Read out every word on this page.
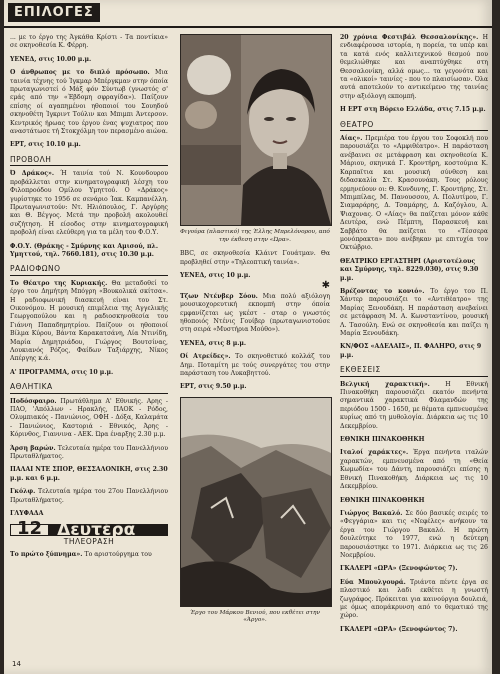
ΕΠΙΛΟΓΕΣ

... με το έργο της Άγκάθα Κρίστι - Τα ποντίκια» σε σκηνοθεσία Κ. Φέρρη.

ΥΕΝΕΔ, στις 10.00 μ.μ.

Ο άνθρωπος με το διπλό πρόσωπο. Μια ταινία τέχνης τού Ίγκμαρ Μπέργκμαν στην όποία πρωταγωνιστεί ό Μάξ φόν Σύντωβ (γνωστός σ' εμάς από την «Έβδομη σφραγίδα»). Παίζουν επίσης οί αγαπημένοι ηθοποιοί του Σουηδού σκηνοθέτη Ίγκριντ Τούλιν και Μπιμπι Άντερσον. Κεντρικός ήρωας του έργου ένας ψυχιατρος που αναστάτωσε τή Στοκχόλμη τον περασμένο αιώνα.

ΕΡΤ, στις 10.10 μ.μ.

ΠΡΟΒΟΛΗ

Ό Δράκος». Ή ταινία τού Ν. Κουνδουρου προβάλλεται στην κινηματογραφική λέσχη του Φιλοπροόδου Ομίλου Υμηττού. Ο «Δράκος» γυρίστηκε το 1956 σε σενάριο Ίακ. Καμπανέλλη. Πρωταγωνιστούν: Ντ. Ηλιόπουλος, Γ. Αργύρης και Θ. Βέγγος. Μετά την προβολή ακολουθεί συζήτηση. Η είσοδος στην κινηματογραφική προβολή είναι ελεύθερη για τα μέλη του Φ.Ο.Υ.

Φ.Ο.Υ. (Θράκης - Σμύρνης και Αμισού, πλ. Υμηττού, τηλ. 7660.181), στις 10.30 μ.μ.

ΡΑΔΙΟΦΩΝΟ

Το Θέατρο της Κυριακής. Θα μεταδοθεί το έργο του Δημήτρη Μπόγρη «Βουκολικά σκίτσα». Η ραδιοφωνική διασκευή είναι του Στ. Οικονόμου. Η μουσική επιμέλεια της Αγγελικής Γεωργοπούλου και η ραδιοσκηνοθεσία του Γιάννη Παπαδημητρίου. Παίζουν οι ηθοποιοί Βίλμα Κύρου, Βάντα Καρακατσάνη, Λία Ντινίδη, Μαρία Δημητριάδου, Γιώργος Βουτσίνας, Λουκιανός Ρόζος, Φαίδων Ταξιάρχης, Νίκος Απέργης κ.ά.

Α' ΠΡΟΓΡΑΜΜΑ, στις 10 μ.μ.

ΑΘΛΗΤΙΚΑ

Ποδόσφαιρο. Πρωτάθλημα Α' Εθνικής. Αρης - ΠΑΟ, 'Απόλλων - Ηρακλής, ΠΑΟΚ - Ρόδος, Ολυμπιακός - Πανιώνιος, ΟΦΗ - Δόξα, Καλαμάτα - Πανιώνιος, Καστοριά - Εθνικός, Άρης - Κόρινθος, Γιαννινα - ΑΕΚ. Ώρα έναρξης 2.30 μ.μ.

Άρση βαρών. Τελευταία ημέρα του Πανελλήνιου Πρωταθλήματος.

ΠΑΛΑΙ ΝΤΕ ΣΠΟΡ, ΘΕΣΣΑΛΟΝΙΚΗ, στις 2.30 μ.μ. και 6 μ.μ.

Γκόλφ. Τελευταία ημέρα του 27ου Πανελλήνιου Πρωταθλήματος.

ΓΛΥΦΑΔΑ

12 Δευτέρα
ΤΗΛΕΟΡΑΣΗ

Το πρώτο ξύπνημα». Το αριστούργημα του

Φιγούρα (πλαστικό) της Έλλης Μπρελόνορου, από την έκθεση στην «Ώρα».

BBC, σε σκηνοθεσία Κλάιντ Γουάτμαν. Θα προβληθεί στην «Τηλεοπτική ταινία».

ΥΕΝΕΔ, στις 10 μ.μ.

✱

Τζων Ντένβερ Σόου. Μια πολύ αξιόλογη μουσικοχορευτική εκπομπή στην όποία εμφανίζεται ως γκέστ - σταρ ο γνωστός ηθοποιός Ντένις Γουίβερ (πρωταγωνιστούσε στη σειρά «Μυστήρια Μούθο»).

ΥΕΝΕΔ, στις 8 μ.μ.

Οί Ατρείδες». Το σκηνοθετικό κολλάζ του Δημ. Ποταμίτη με τούς συνεργάτες του στην παράσταση του Λυκαβηττού.

ΕΡΤ, στις 9.50 μ.μ.

Έργο του Μάρκου Βενιού, που εκθέτει στην «Άργο».

20 χρόνια Φεστιβάλ Θεσσαλονίκης». Η ενδιαφέρουσα ιστορία, η πορεία, τα υπέρ και τα κατά ενός καλλιτεχνικού θεσμού που θεμελιώθηκε και αναπτύχθηκε στη Θεσσαλονίκη, αλλά ομως... τα γεγονότα και τα «ολικοί» ταινίες - που το πλαισίωσαν. Όλα αυτά αποτελούν το αντικείμενο της ταινίας στην αξιόλογη εκπομπή.

Η ΕΡΤ στη Βόρειο Ελλάδα, στις 7.15 μ.μ.

ΘΕΑΤΡΟ

Αίας». Πρεμιέρα του έργου του Σοφοκλή που παρουσιάζει το «Αμφιθέατρο». Η παράσταση ανέβαινει σε μετάφραση και σκηνοθεσία Κ. Μάριου, σκηνικά Γ. Κροντήρη, κοστούμια Κ. Καρπαϊτια και μουσική σύνθεση και διδασκαλία Στ. Κρασουνάκη. Τους ρόλους ερμηνεύουν οι: Θ. Κυνδυνης, Γ. Κροντήρης, Στ. Μπιμπίλας, Μ. Πανουσσου, Α. Πολυτίμου, Γ. Σιαμαράρης, Δ. Τσαμάρης, Δ. Καζόγλου, Α. Ψιαχονας. Ο «Αίας» θα παίζεται μόνον κάθε Δευτέρα, ενώ Πέμπτη, Παρασκευή και Σαββάτο θα παίζεται το «Τέσσερα μονόπρακτα» που ανέβηκαν με επιτυχία τον Οκτώβριο.

ΘΕΑΤΡΙΚΟ ΕΡΓΑΣΤΗΡΙ (Αριστοτέλους και Σμύρνης, τηλ. 8229.030), στις 9.30 μ.μ.

Βρέζοντας το κονιό». Το έργο του Π. Χάντερ παρουσιάζει το «Αντιθέατρο» της Μαρίας Ξενουδάκη. Η παράσταση ανεβαίνει σε μετάφραση Μ. Α. Κωνσταντίνου, μουσική Λ. Τασούλη. Ενώ σε σκηνοθεσία και παίζει η Μαρία Ξενουδάκη.

ΚΝ/ΦΟΣ «ΑΔΕΛΑΙΣ», Π. ΦΑΛΗΡΟ, στις 9 μ.μ.

ΕΚΘΕΣΕΙΣ

Βελγική χαρακτική». Η Εθνική Πινακοθήκη παρουσιάζει εκατόν πενήντα σημαντικά χαρακτικά Φλαμανδών της περιόδου 1500 - 1650, με θέματα εμπνευσμένα κυρίως από τη μυθολογία. Διάρκεια ως τις 10 Δεκεμβρίου.

ΕΘΝΙΚΗ ΠΙΝΑΚΟΘΗΚΗ

Ιταλοί χαράκτες». Έργα πενήντα ιταλών χαρακτών, εμπνευσμένα από τη «Θεία Κωμωδία» του Δάντη, παρουσιάζει επίσης η Εθνική Πινακοθήκη. Διάρκεια ως τις 10 Δεκεμβρίου.

ΕΘΝΙΚΗ ΠΙΝΑΚΟΘΗΚΗ

Γιώργος Βακαλό. Σε δύο βασικές σειρές το «Φεγγάρια» και τις «Νεφέλες» ανήκουν τα έργα του Γιώργου Βακαλό. Η πρώτη δουλεύτηκε το 1977, ενώ η δεύτερη παρουσιάστηκε το 1971. Διάρκεια ως τις 26 Νοεμβρίου.

ΓΚΑΛΕΡΙ «ΩΡΑ» (Ξενοφώντος 7).

Εύα Μπουλγουρά. Τριάντα πέντε έργα σε πλαστικό και λαδι εκθέτει η γνωστή ζωγράφος. Πρόκειται για καινούργια δουλειά, με όμως απομάκρυνση από το θεματικό της χώρο.

ΓΚΑΛΕΡΙ «ΩΡΑ» (Ξενοφώντος 7).

14
